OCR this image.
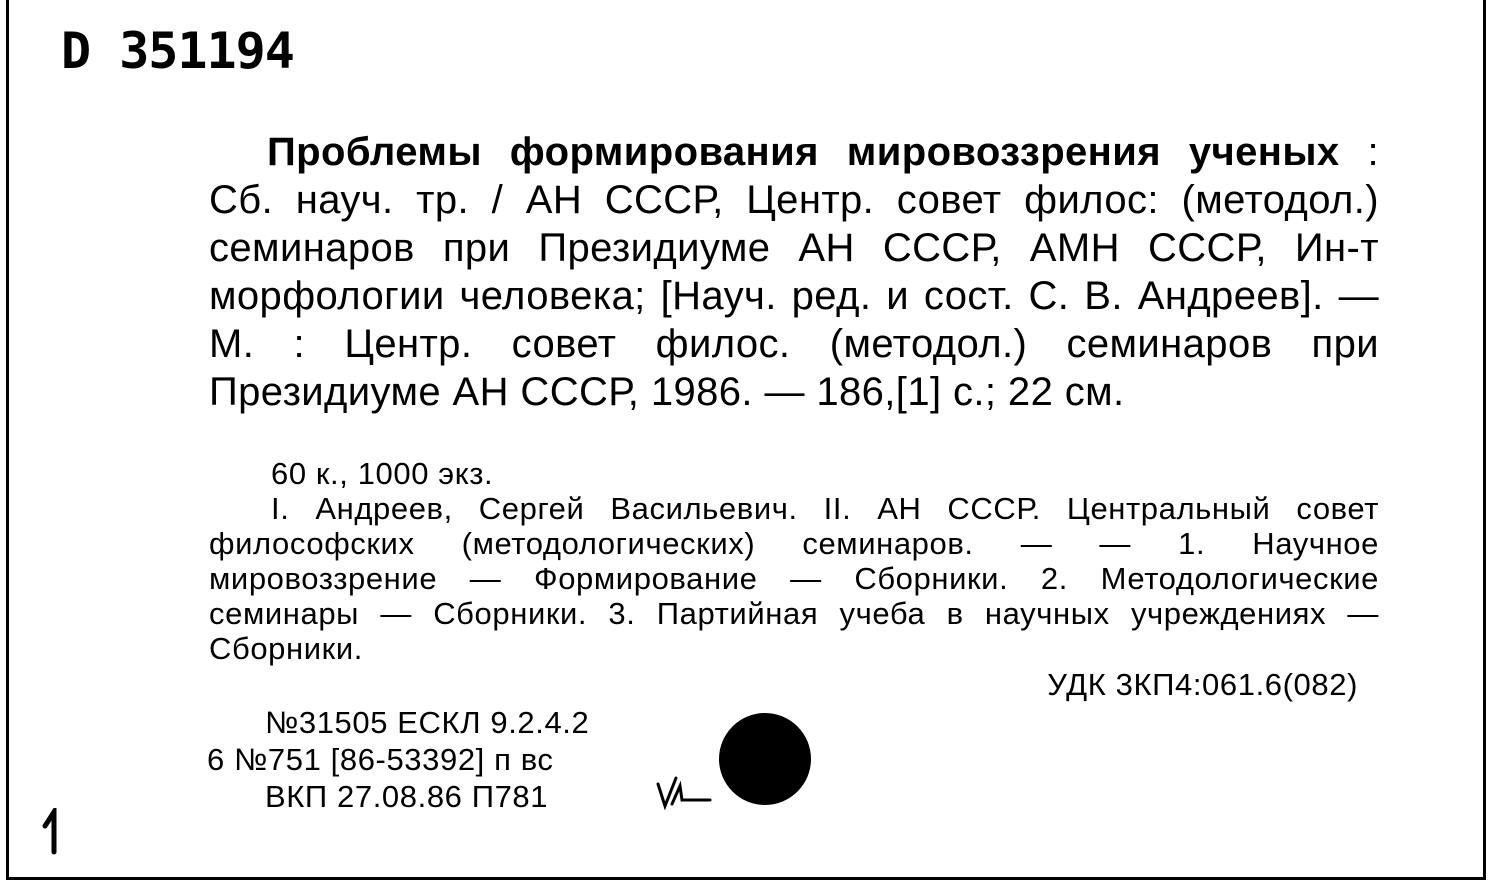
D 351194
Проблемы формирования мировоззрения ученых : Сб. науч. тр. / АН СССР, Центр. совет филос: (методол.) семинаров при Президиуме АН СССР, АМН СССР, Ин-т морфологии человека; [Науч. ред. и сост. С. В. Андреев]. — М. : Центр. совет филос. (методол.) семинаров при Президиуме АН СССР, 1986. — 186,[1] с.; 22 см.

60 к., 1000 экз.

I. Андреев, Сергей Васильевич. II. АН СССР. Центральный совет философских (методологических) семинаров. — — 1. Научное мировоззрение — Формирование — Сборники. 2. Методологические семинары — Сборники. 3. Партийная учеба в научных учреждениях — Сборники.

УДК 3КП4:061.6(082)
№31505 ЕСКЛ 9.2.4.2
6 №751 [86-53392] п вс
ВКП 27.08.86 П781
